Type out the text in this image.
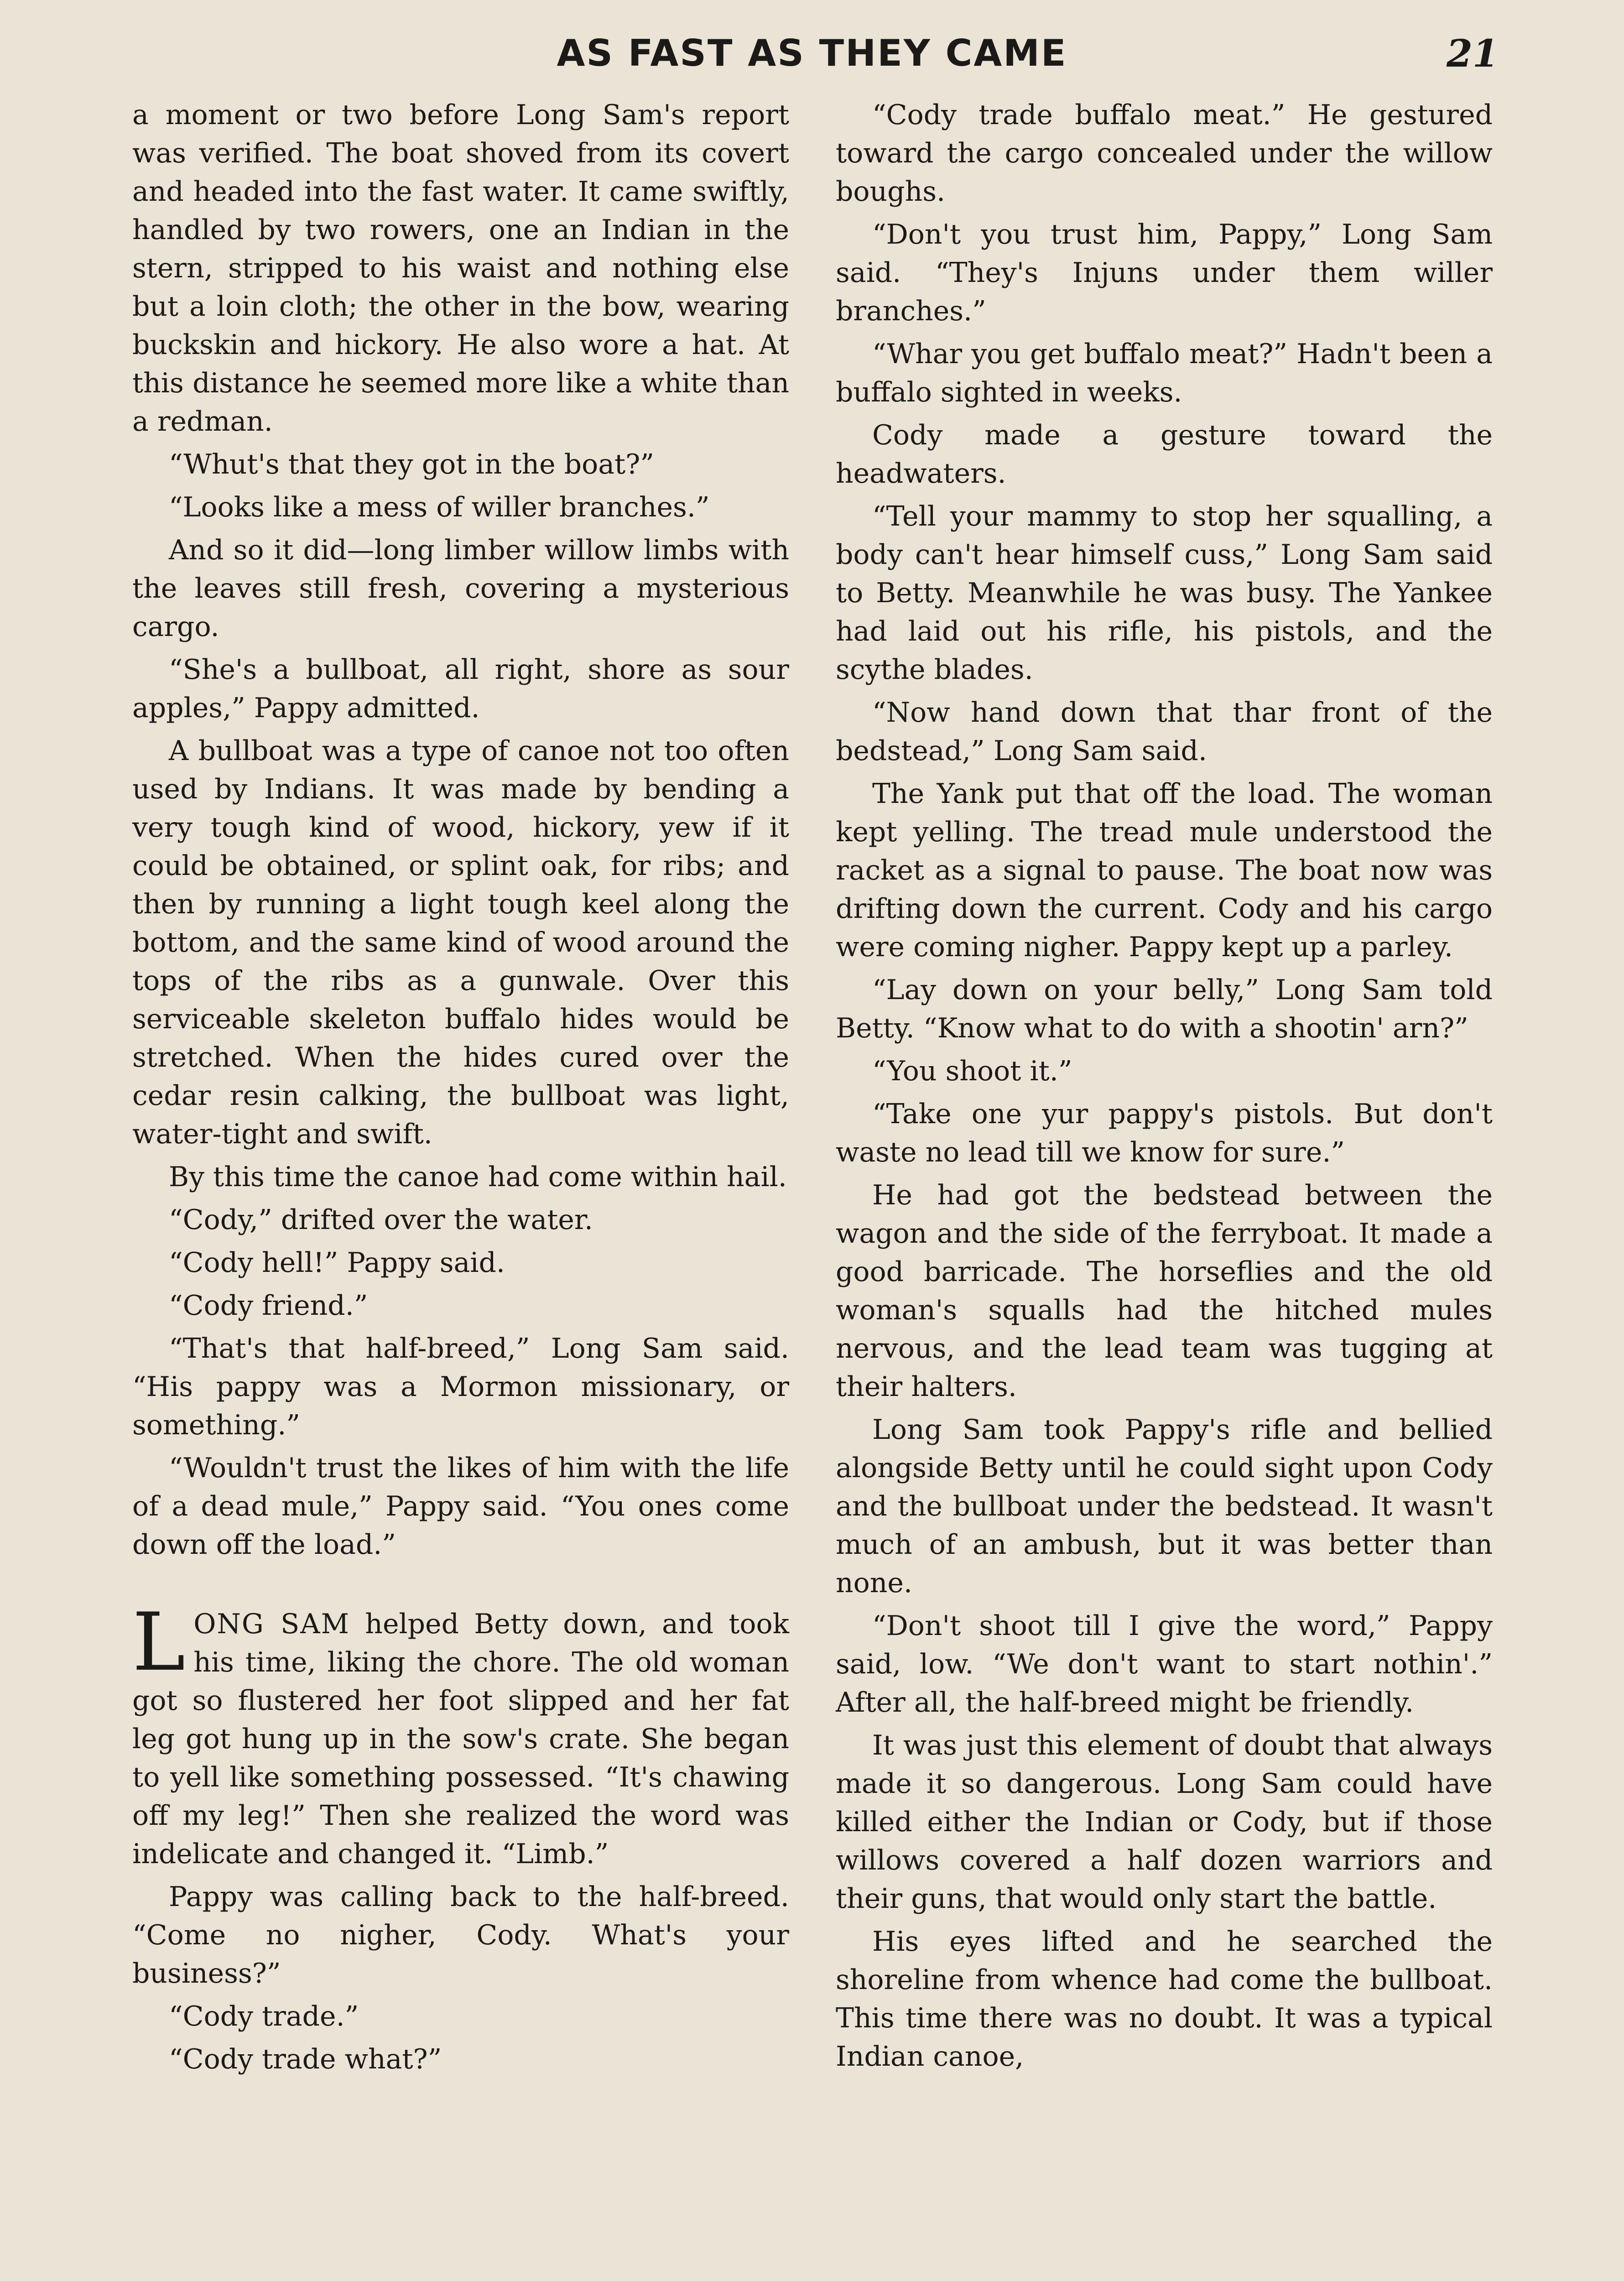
AS FAST AS THEY CAME	21

a moment or two before Long Sam's report was verified. The boat shoved from its covert and headed into the fast water. It came swiftly, handled by two rowers, one an Indian in the stern, stripped to his waist and nothing else but a loin cloth; the other in the bow, wearing buckskin and hickory. He also wore a hat. At this distance he seemed more like a white than a redman.

“Whut's that they got in the boat?”

“Looks like a mess of willer branches.”

And so it did—long limber willow limbs with the leaves still fresh, covering a mysterious cargo.

“She's a bullboat, all right, shore as sour apples,” Pappy admitted.

A bullboat was a type of canoe not too often used by Indians. It was made by bending a very tough kind of wood, hickory, yew if it could be obtained, or splint oak, for ribs; and then by running a light tough keel along the bottom, and the same kind of wood around the tops of the ribs as a gunwale. Over this serviceable skeleton buffalo hides would be stretched. When the hides cured over the cedar resin calking, the bullboat was light, water-tight and swift.

By this time the canoe had come within hail.

“Cody,” drifted over the water.

“Cody hell!” Pappy said.

“Cody friend.”

“That's that half-breed,” Long Sam said. “His pappy was a Mormon missionary, or something.”

“Wouldn't trust the likes of him with the life of a dead mule,” Pappy said. “You ones come down off the load.”

LONG SAM helped Betty down, and took his time, liking the chore. The old woman got so flustered her foot slipped and her fat leg got hung up in the sow's crate. She began to yell like something possessed. “It's chawing off my leg!” Then she realized the word was indelicate and changed it. “Limb.”

Pappy was calling back to the half-breed. “Come no nigher, Cody. What's your business?”

“Cody trade.”

“Cody trade what?”

“Cody trade buffalo meat.” He gestured toward the cargo concealed under the willow boughs.

“Don't you trust him, Pappy,” Long Sam said. “They's Injuns under them willer branches.”

“Whar you get buffalo meat?” Hadn't been a buffalo sighted in weeks.

Cody made a gesture toward the headwaters.

“Tell your mammy to stop her squalling, a body can't hear himself cuss,” Long Sam said to Betty. Meanwhile he was busy. The Yankee had laid out his rifle, his pistols, and the scythe blades.

“Now hand down that thar front of the bedstead,” Long Sam said.

The Yank put that off the load. The woman kept yelling. The tread mule understood the racket as a signal to pause. The boat now was drifting down the current. Cody and his cargo were coming nigher. Pappy kept up a parley.

“Lay down on your belly,” Long Sam told Betty. “Know what to do with a shootin' arn?”

“You shoot it.”

“Take one yur pappy's pistols. But don't waste no lead till we know for sure.”

He had got the bedstead between the wagon and the side of the ferryboat. It made a good barricade. The horseflies and the old woman's squalls had the hitched mules nervous, and the lead team was tugging at their halters.

Long Sam took Pappy's rifle and bellied alongside Betty until he could sight upon Cody and the bullboat under the bedstead. It wasn't much of an ambush, but it was better than none.

“Don't shoot till I give the word,” Pappy said, low. “We don't want to start nothin'.” After all, the half-breed might be friendly.

It was just this element of doubt that always made it so dangerous. Long Sam could have killed either the Indian or Cody, but if those willows covered a half dozen warriors and their guns, that would only start the battle.

His eyes lifted and he searched the shoreline from whence had come the bullboat. This time there was no doubt. It was a typical Indian canoe,
